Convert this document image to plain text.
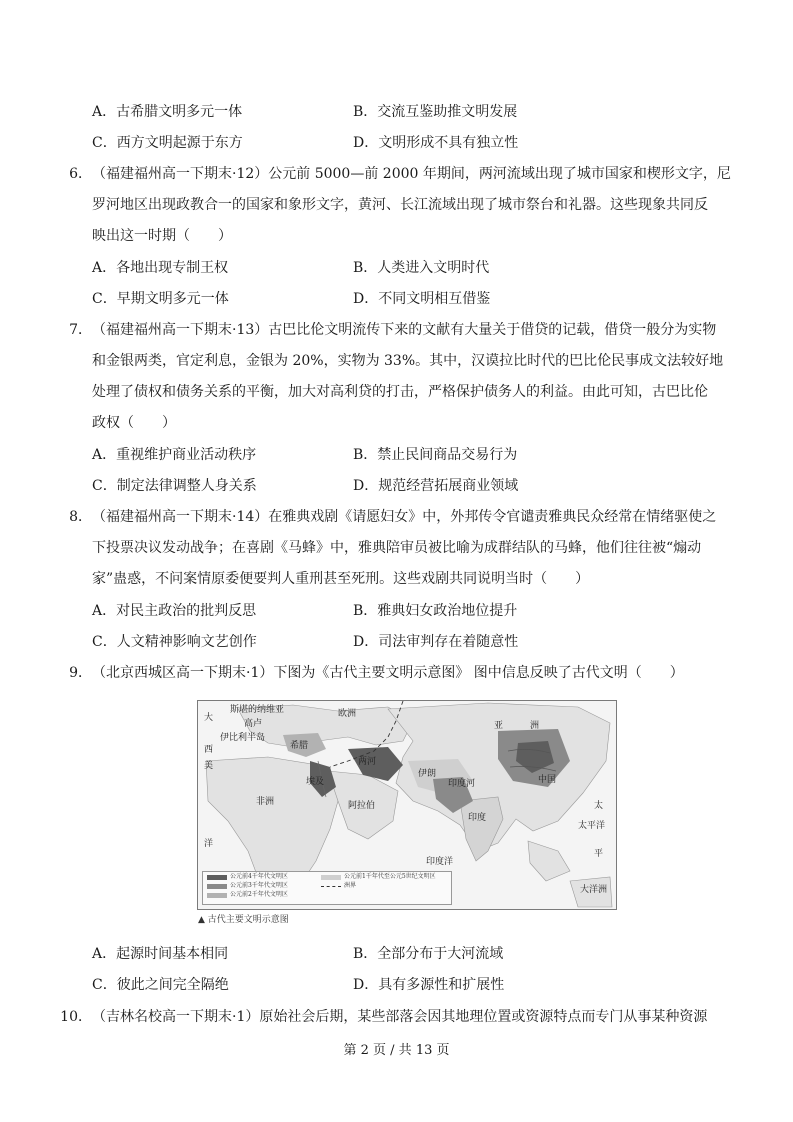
A．古希腊文明多元一体	B．交流互鉴助推文明发展
C．西方文明起源于东方	D．文明形成不具有独立性
6． （福建福州高一下期末·12）公元前 5000—前 2000 年期间，两河流域出现了城市国家和楔形文字，尼
罗河地区出现政教合一的国家和象形文字，黄河、长江流域出现了城市祭台和礼器。这些现象共同反
映出这一时期（　　）
A．各地出现专制王权	B．人类进入文明时代
C．早期文明多元一体	D．不同文明相互借鉴
7． （福建福州高一下期末·13）古巴比伦文明流传下来的文献有大量关于借贷的记载，借贷一般分为实物
和金银两类，官定利息，金银为 20%，实物为 33%。其中，汉谟拉比时代的巴比伦民事成文法较好地
处理了债权和债务关系的平衡，加大对高利贷的打击，严格保护债务人的利益。由此可知，古巴比伦
政权（　　）
A．重视维护商业活动秩序	B．禁止民间商品交易行为
C．制定法律调整人身关系	D．规范经营拓展商业领域
8． （福建福州高一下期末·14）在雅典戏剧《请愿妇女》中，外邦传令官谴责雅典民众经常在情绪驱使之
下投票决议发动战争；在喜剧《马蜂》中，雅典陪审员被比喻为成群结队的马蜂，他们往往被“煽动
家”蛊惑，不问案情原委便要判人重刑甚至死刑。这些戏剧共同说明当时（　　）
A．对民主政治的批判反思	B．雅典妇女政治地位提升
C．人文精神影响文艺创作	D．司法审判存在着随意性
9． （北京西城区高一下期末·1）下图为《古代主要文明示意图》 图中信息反映了古代文明（　　）
斯堪的纳维亚
高卢
伊比利半岛
希腊
欧洲
伊朗
印度河	中国
非洲	阿拉伯
印度
印度洋
太平洋
大洋洲
埃及
大
太
平
西
洋
美	两河
亚	洲
公元前4千年代文明区
公元前3千年代文明区
公元前2千年代文明区
公元前1千年代至公元5世纪文明区
洲界
▲ 古代主要文明示意图
A．起源时间基本相同	B．全部分布于大河流域
C．彼此之间完全隔绝	D．具有多源性和扩展性
10． （吉林名校高一下期末·1）原始社会后期，某些部落会因其地理位置或资源特点而专门从事某种资源
第 2 页 / 共 13 页
